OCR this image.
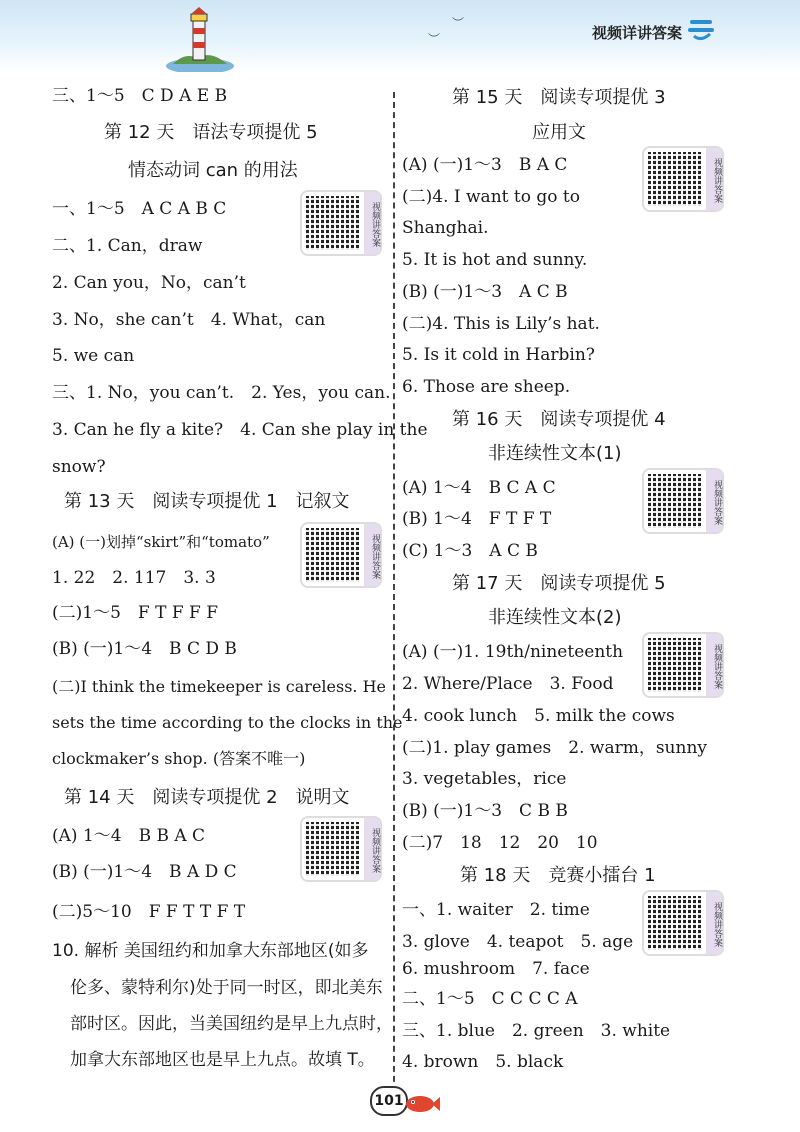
︶
︶
视频详讲答案
三、1～5　C D A E B
第 12 天　语法专项提优 5
情态动词 can 的用法
一、1～5　A C A B C
二、1. Can，draw
2. Can you，No，can’t
3. No，she can’t　4. What，can
5. we can
三、1. No，you can’t.　2. Yes，you can.
3. Can he fly a kite?　4. Can she play in the
snow?
第 13 天　阅读专项提优 1　记叙文
(A) (一)划掉“skirt”和“tomato”
1. 22　2. 117　3. 3
(二)1～5　F T F F F
(B) (一)1～4　B C D B
(二)I think the timekeeper is careless. He
sets the time according to the clocks in the
clockmaker’s shop. (答案不唯一)
第 14 天　阅读专项提优 2　说明文
(A) 1～4　B B A C
(B) (一)1～4　B A D C
(二)5～10　F F T T F T
10. 解析 美国纽约和加拿大东部地区(如多
伦多、蒙特利尔)处于同一时区，即北美东
部时区。因此，当美国纽约是早上九点时，
加拿大东部地区也是早上九点。故填 T。
视频讲答案
视频讲答案
视频讲答案
第 15 天　阅读专项提优 3
应用文
(A) (一)1～3　B A C
(二)4. I want to go to
Shanghai.
5. It is hot and sunny.
(B) (一)1～3　A C B
(二)4. This is Lily’s hat.
5. Is it cold in Harbin?
6. Those are sheep.
第 16 天　阅读专项提优 4
非连续性文本(1)
(A) 1～4　B C A C
(B) 1～4　F T F T
(C) 1～3　A C B
第 17 天　阅读专项提优 5
非连续性文本(2)
(A) (一)1. 19th/nineteenth
2. Where/Place　3. Food
4. cook lunch　5. milk the cows
(二)1. play games　2. warm，sunny
3. vegetables，rice
(B) (一)1～3　C B B
(二)7　18　12　20　10
第 18 天　竞赛小擂台 1
一、1. waiter　2. time
3. glove　4. teapot　5. age
6. mushroom　7. face
二、1～5　C C C C A
三、1. blue　2. green　3. white
4. brown　5. black
视频讲答案
视频讲答案
视频讲答案
视频讲答案
101
